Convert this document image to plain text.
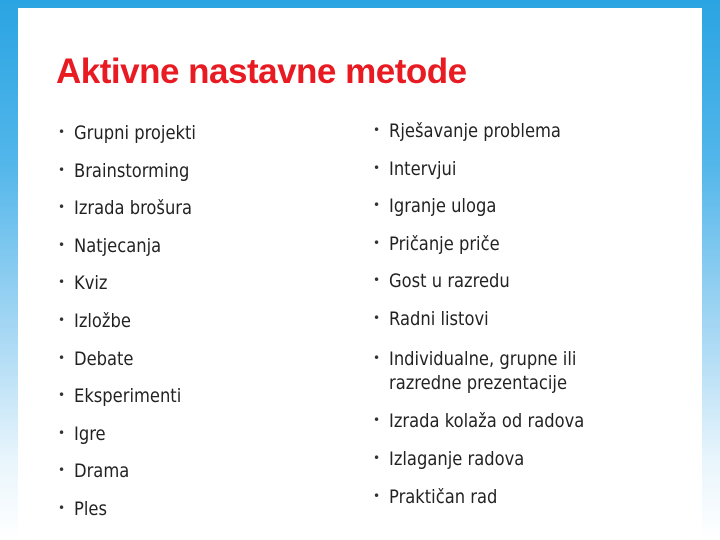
Aktivne nastavne metode
• Grupni projekti
• Brainstorming
• Izrada brošura
• Natjecanja
• Kviz
• Izložbe
• Debate
• Eksperimenti
• Igre
• Drama
• Ples
• Rješavanje problema
• Intervjui
• Igranje uloga
• Pričanje priče
• Gost u razredu
• Radni listovi
• Individualne, grupne ili razredne prezentacije
• Izrada kolaža od radova
• Izlaganje radova
• Praktičan rad
